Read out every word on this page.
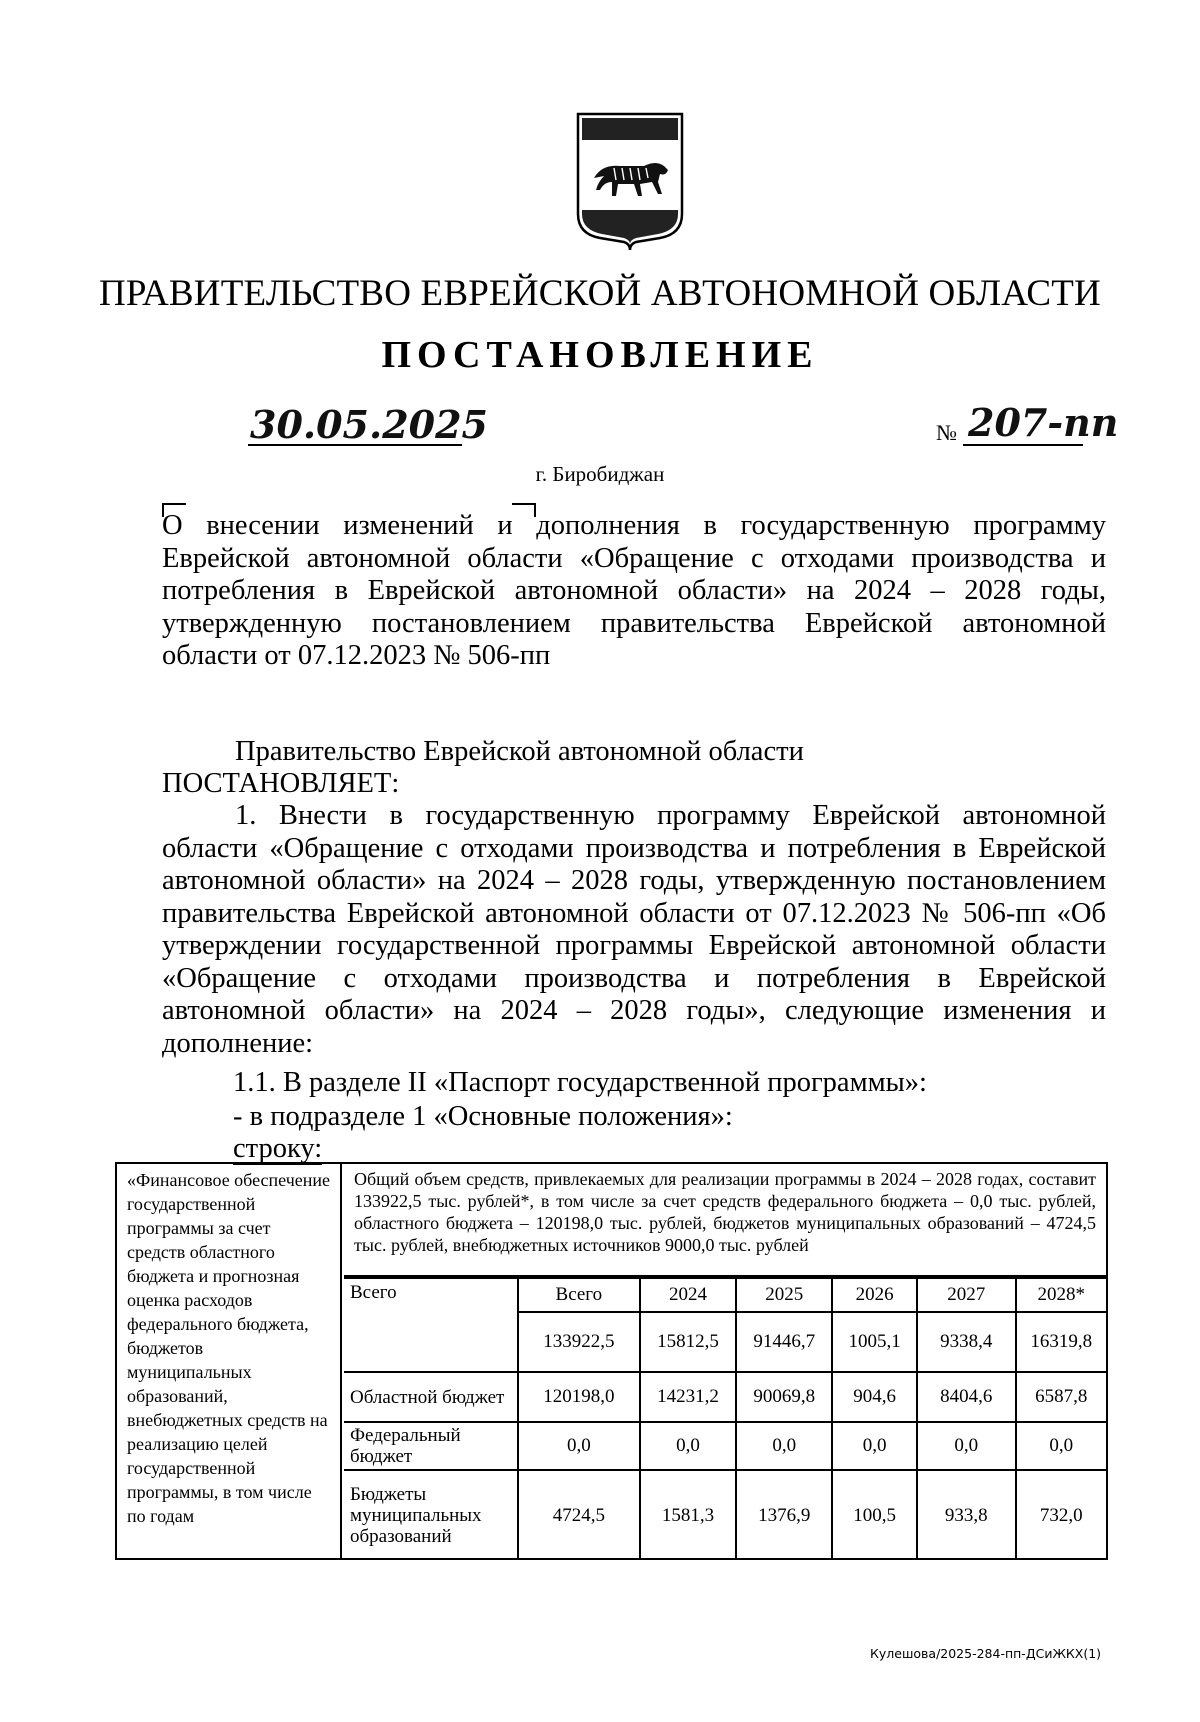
ПРАВИТЕЛЬСТВО ЕВРЕЙСКОЙ АВТОНОМНОЙ ОБЛАСТИ
ПОСТАНОВЛЕНИЕ
30.05.2025	№ 207-пп
г. Биробиджан
О внесении изменений и дополнения в государственную программу Еврейской автономной области «Обращение с отходами производства и потребления в Еврейской автономной области» на 2024 – 2028 годы, утвержденную постановлением правительства Еврейской автономной области от 07.12.2023 № 506-пп
Правительство Еврейской автономной области
ПОСТАНОВЛЯЕТ:
1. Внести в государственную программу Еврейской автономной области «Обращение с отходами производства и потребления в Еврейской автономной области» на 2024 – 2028 годы, утвержденную постановлением правительства Еврейской автономной области от 07.12.2023 № 506-пп «Об утверждении государственной программы Еврейской автономной области «Обращение с отходами производства и потребления в Еврейской автономной области» на 2024 – 2028 годы», следующие изменения и дополнение:
1.1. В разделе II «Паспорт государственной программы»:
- в подразделе 1 «Основные положения»:
строку:
«Финансовое обеспечение государственной программы за счет средств областного бюджета и прогнозная оценка расходов федерального бюджета, бюджетов муниципальных образований, внебюджетных средств на реализацию целей государственной программы, в том числе по годам
Общий объем средств, привлекаемых для реализации программы в 2024 – 2028 годах, составит 133922,5 тыс. рублей*, в том числе за счет средств федерального бюджета – 0,0 тыс. рублей, областного бюджета – 120198,0 тыс. рублей, бюджетов муниципальных образований – 4724,5 тыс. рублей, внебюджетных источников 9000,0 тыс. рублей
Всего	Всего	2024	2025	2026	2027	2028*
	133922,5	15812,5	91446,7	1005,1	9338,4	16319,8
Областной бюджет	120198,0	14231,2	90069,8	904,6	8404,6	6587,8
Федеральный бюджет	0,0	0,0	0,0	0,0	0,0	0,0
Бюджеты муниципальных образований	4724,5	1581,3	1376,9	100,5	933,8	732,0
Кулешова/2025-284-пп-ДСиЖКХ(1)
